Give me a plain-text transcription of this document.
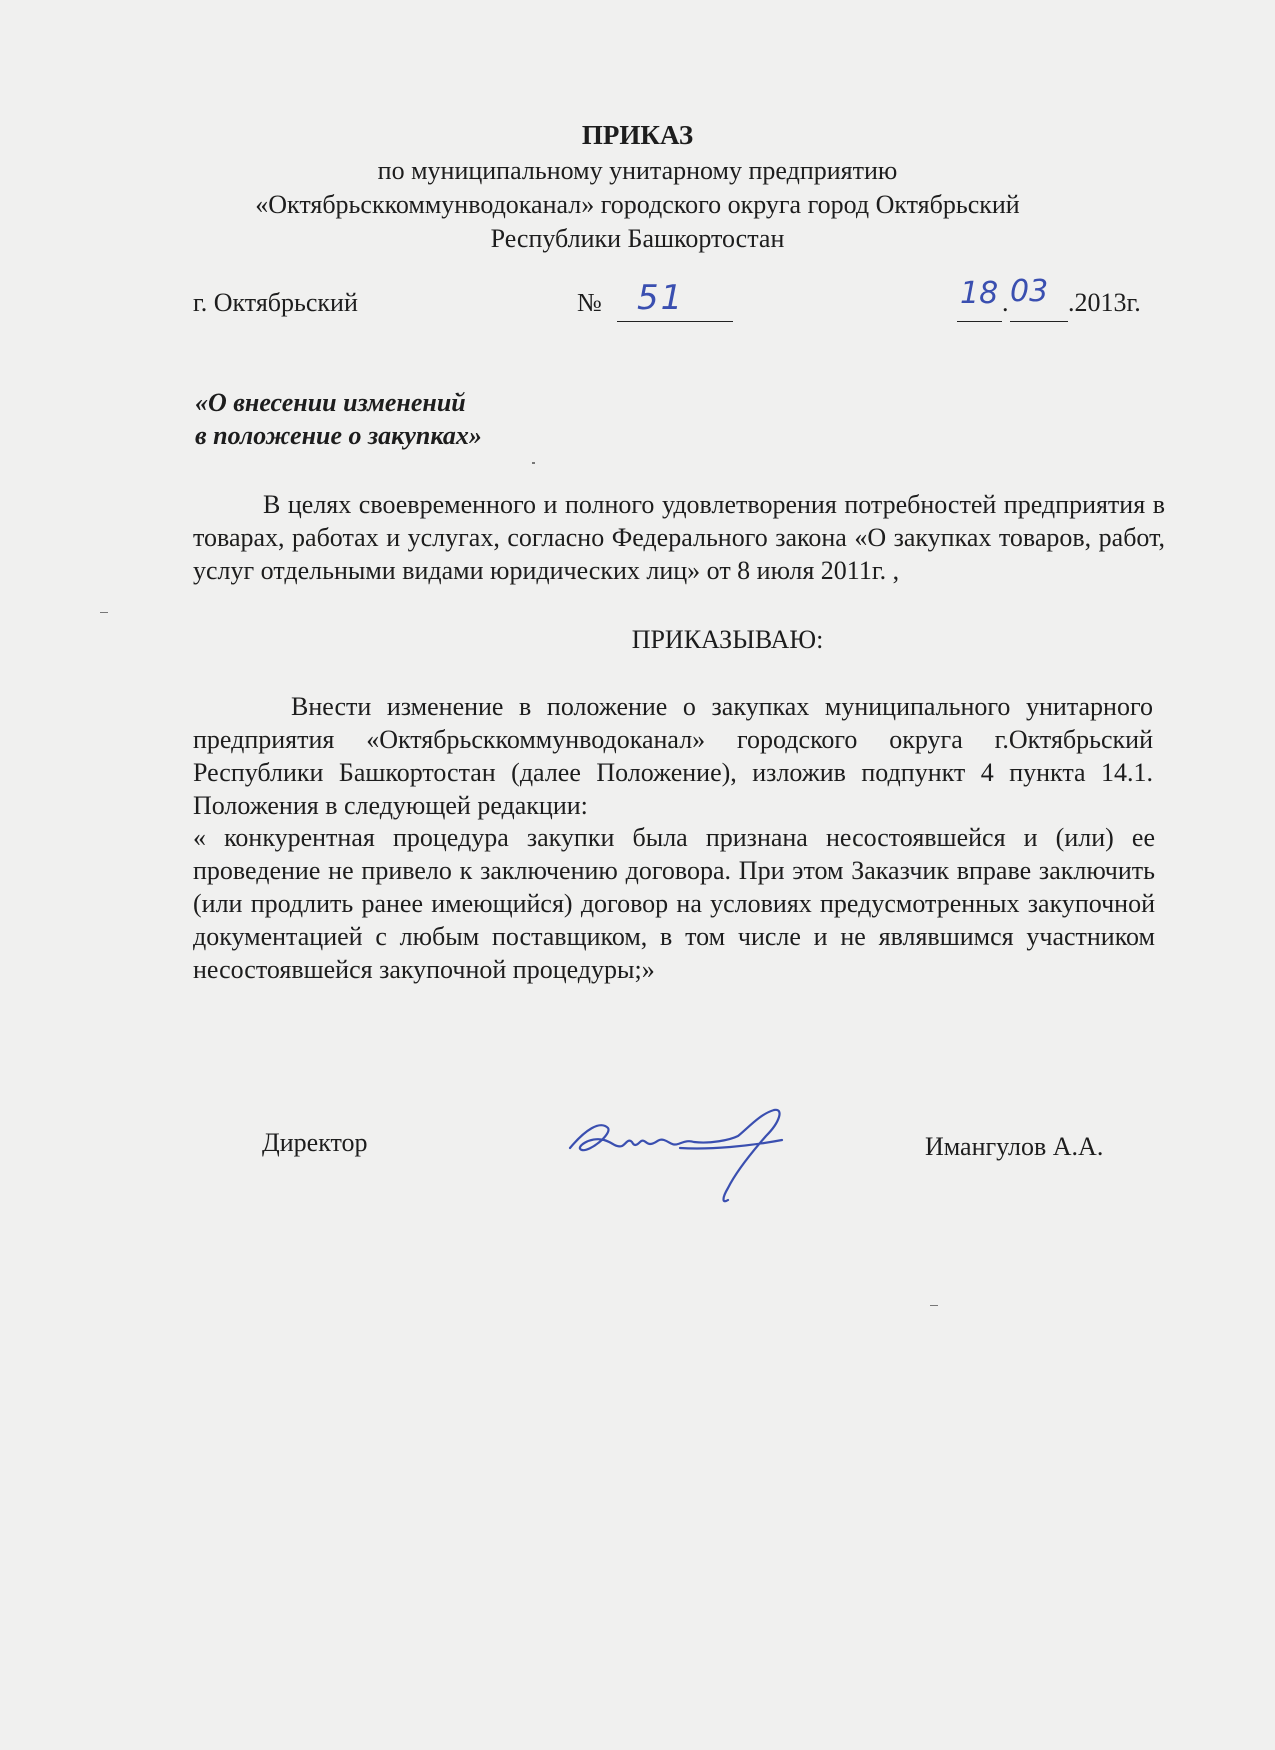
ПРИКАЗ
по муниципальному унитарному предприятию
«Октябрьсккоммунводоканал» городского округа город Октябрьский
Республики Башкортостан
г. Октябрьский	№ 51	18 . 03 .2013г.
«О внесении изменений
в положение о закупках»
В целях своевременного и полного удовлетворения потребностей предприятия в товарах, работах и услугах, согласно Федерального закона «О закупках товаров, работ, услуг отдельными видами юридических лиц» от 8 июля 2011г. ,
ПРИКАЗЫВАЮ:
Внести изменение в положение о закупках муниципального унитарного предприятия «Октябрьсккоммунводоканал» городского округа г.Октябрьский Республики Башкортостан (далее Положение), изложив подпункт 4 пункта 14.1. Положения в следующей редакции:
« конкурентная процедура закупки была признана несостоявшейся и (или) ее проведение не привело к заключению договора. При этом Заказчик вправе заключить (или продлить ранее имеющийся) договор на условиях предусмотренных закупочной документацией с любым поставщиком, в том числе и не являвшимся участником несостоявшейся закупочной процедуры;»
Директор	Имангулов А.А.
